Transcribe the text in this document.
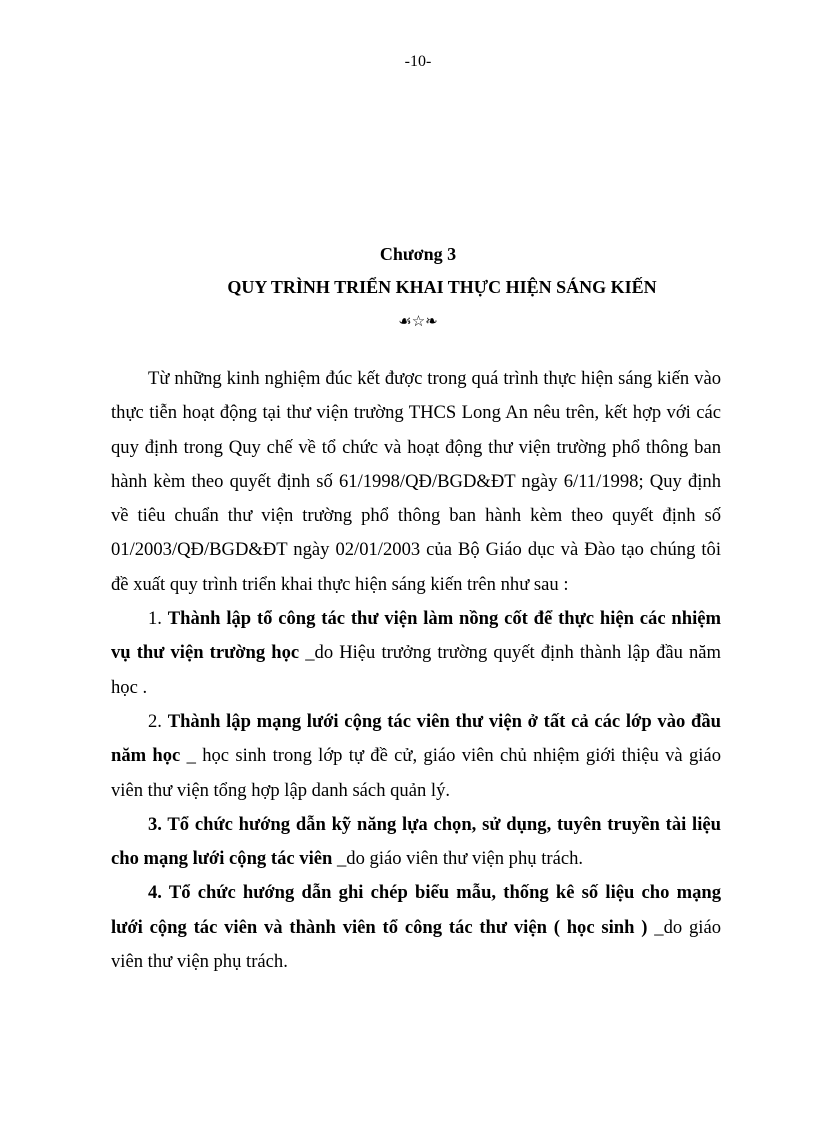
-10-
Chương 3
QUY TRÌNH TRIỂN KHAI THỰC HIỆN SÁNG KIẾN
☙☆❧

Từ những kinh nghiệm đúc kết được trong quá trình thực hiện sáng kiến vào thực tiễn hoạt động tại thư viện trường THCS Long An nêu trên, kết hợp với các quy định trong Quy chế về tổ chức và hoạt động thư viện trường phổ thông ban hành kèm theo quyết định số 61/1998/QĐ/BGD&ĐT ngày 6/11/1998; Quy định về tiêu chuẩn thư viện trường phổ thông ban hành kèm theo quyết định số 01/2003/QĐ/BGD&ĐT ngày 02/01/2003 của Bộ Giáo dục và Đào tạo chúng tôi đề xuất quy trình triển khai thực hiện sáng kiến trên như sau :

1. Thành lập tổ công tác thư viện làm nồng cốt để thực hiện các nhiệm vụ thư viện trường học _do Hiệu trưởng trường quyết định thành lập đầu năm học .

2. Thành lập mạng lưới cộng tác viên thư viện ở tất cả các lớp vào đầu năm học _ học sinh trong lớp tự đề cử, giáo viên chủ nhiệm giới thiệu và giáo viên thư viện tổng hợp lập danh sách quản lý.

3. Tổ chức hướng dẫn kỹ năng lựa chọn, sử dụng, tuyên truyền tài liệu cho mạng lưới cộng tác viên _do giáo viên thư viện phụ trách.

4. Tổ chức hướng dẫn ghi chép biểu mẫu, thống kê số liệu cho mạng lưới cộng tác viên và thành viên tổ công tác thư viện ( học sinh ) _do giáo viên thư viện phụ trách.
